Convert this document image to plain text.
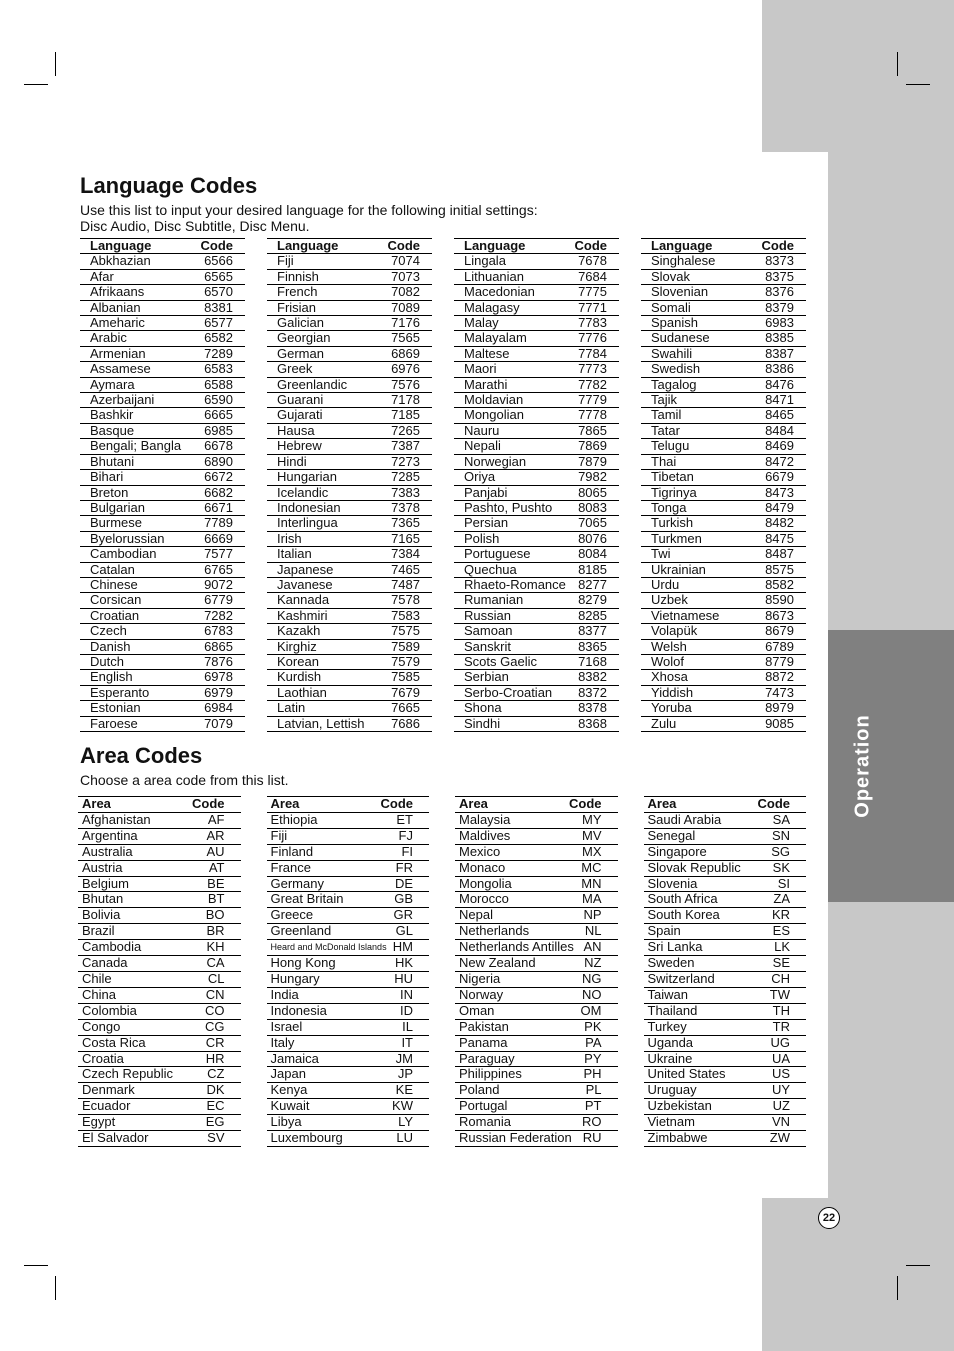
Operation
22
Language Codes

Use this list to input your desired language for the following initial settings:
Disc Audio, Disc Subtitle, Disc Menu.

Language	Code
Abkhazian	6566
Afar	6565
Afrikaans	6570
Albanian	8381
Ameharic	6577
Arabic	6582
Armenian	7289
Assamese	6583
Aymara	6588
Azerbaijani	6590
Bashkir	6665
Basque	6985
Bengali; Bangla 6678
Bhutani	6890
Bihari	6672
Breton	6682
Bulgarian	6671
Burmese	7789
Byelorussian	6669
Cambodian	7577
Catalan	6765
Chinese	9072
Corsican	6779
Croatian	7282
Czech	6783
Danish	6865
Dutch	7876
English	6978
Esperanto	6979
Estonian	6984
Faroese	7079
Language	Code
Fiji	7074
Finnish	7073
French	7082
Frisian	7089
Galician	7176
Georgian	7565
German	6869
Greek	6976
Greenlandic	7576
Guarani	7178
Gujarati	7185
Hausa	7265
Hebrew	7387
Hindi	7273
Hungarian	7285
Icelandic	7383
Indonesian	7378
Interlingua	7365
Irish	7165
Italian	7384
Japanese	7465
Javanese	7487
Kannada	7578
Kashmiri	7583
Kazakh	7575
Kirghiz	7589
Korean	7579
Kurdish	7585
Laothian	7679
Latin	7665
Latvian, Lettish 7686
Language	Code
Lingala	7678
Lithuanian	7684
Macedonian	7775
Malagasy	7771
Malay	7783
Malayalam	7776
Maltese	7784
Maori	7773
Marathi	7782
Moldavian	7779
Mongolian	7778
Nauru	7865
Nepali	7869
Norwegian	7879
Oriya	7982
Panjabi	8065
Pashto, Pushto 8083
Persian	7065
Polish	8076
Portuguese	8084
Quechua	8185
Rhaeto-Romance 8277
Rumanian	8279
Russian	8285
Samoan	8377
Sanskrit	8365
Scots Gaelic	7168
Serbian	8382
Serbo-Croatian 8372
Shona	8378
Sindhi	8368
Language	Code
Singhalese	8373
Slovak	8375
Slovenian	8376
Somali	8379
Spanish	6983
Sudanese	8385
Swahili	8387
Swedish	8386
Tagalog	8476
Tajik	8471
Tamil	8465
Tatar	8484
Telugu	8469
Thai	8472
Tibetan	6679
Tigrinya	8473
Tonga	8479
Turkish	8482
Turkmen	8475
Twi	8487
Ukrainian	8575
Urdu	8582
Uzbek	8590
Vietnamese	8673
Volapük	8679
Welsh	6789
Wolof	8779
Xhosa	8872
Yiddish	7473
Yoruba	8979
Zulu	9085
Area Codes

Choose a area code from this list.

Area	Code
Afghanistan	AF
Argentina	AR
Australia	AU
Austria	AT
Belgium	BE
Bhutan	BT
Bolivia	BO
Brazil	BR
Cambodia	KH
Canada	CA
Chile	CL
China	CN
Colombia	CO
Congo	CG
Costa Rica	CR
Croatia	HR
Czech Republic	CZ
Denmark	DK
Ecuador	EC
Egypt	EG
El Salvador	SV
Area	Code
Ethiopia	ET
Fiji	FJ
Finland	FI
France	FR
Germany	DE
Great Britain	GB
Greece	GR
Greenland	GL
Heard and McDonald Islands HM
Hong Kong	HK
Hungary	HU
India	IN
Indonesia	ID
Israel	IL
Italy	IT
Jamaica	JM
Japan	JP
Kenya	KE
Kuwait	KW
Libya	LY
Luxembourg	LU
Area	Code
Malaysia	MY
Maldives	MV
Mexico	MX
Monaco	MC
Mongolia	MN
Morocco	MA
Nepal	NP
Netherlands	NL
Netherlands Antilles AN
New Zealand	NZ
Nigeria	NG
Norway	NO
Oman	OM
Pakistan	PK
Panama	PA
Paraguay	PY
Philippines	PH
Poland	PL
Portugal	PT
Romania	RO
Russian Federation RU
Area	Code
Saudi Arabia	SA
Senegal	SN
Singapore	SG
Slovak Republic SK
Slovenia	SI
South Africa	ZA
South Korea	KR
Spain	ES
Sri Lanka	LK
Sweden	SE
Switzerland	CH
Taiwan	TW
Thailand	TH
Turkey	TR
Uganda	UG
Ukraine	UA
United States	US
Uruguay	UY
Uzbekistan	UZ
Vietnam	VN
Zimbabwe	ZW
